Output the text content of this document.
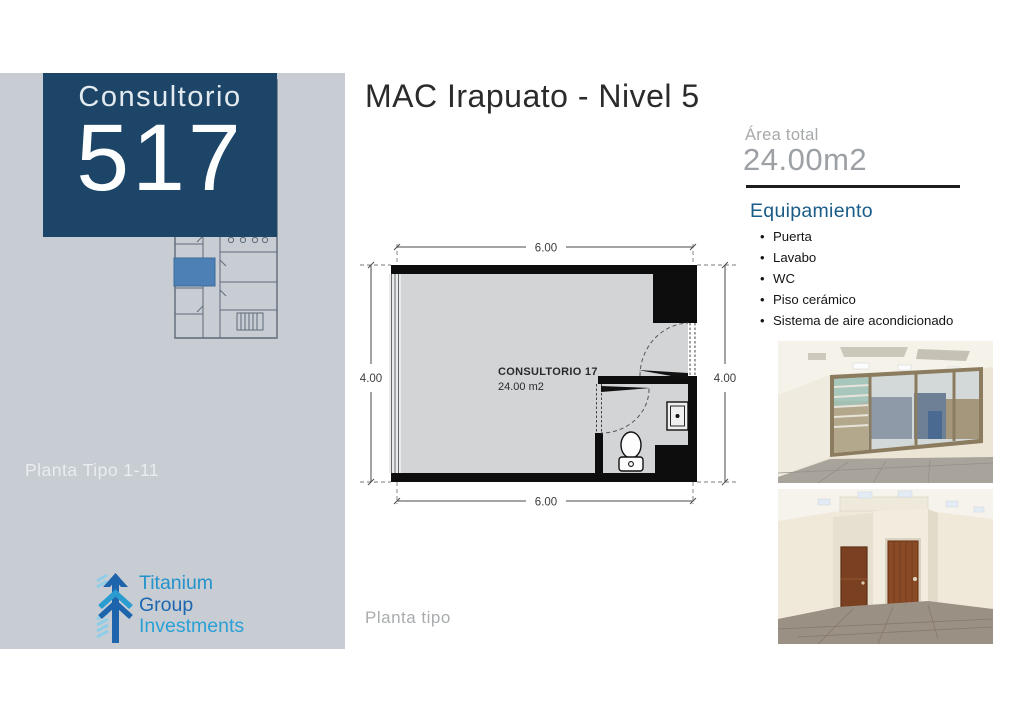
Consultorio
517
Planta Tipo 1-11
Titanium
Group
Investments
MAC Irapuato - Nivel 5
6.00
6.00
4.00	4.00
CONSULTORIO 17
24.00 m2
Planta tipo
Área total
24.00m2
Equipamiento
• Puerta
• Lavabo
• WC
• Piso cerámico
• Sistema de aire acondicionado
